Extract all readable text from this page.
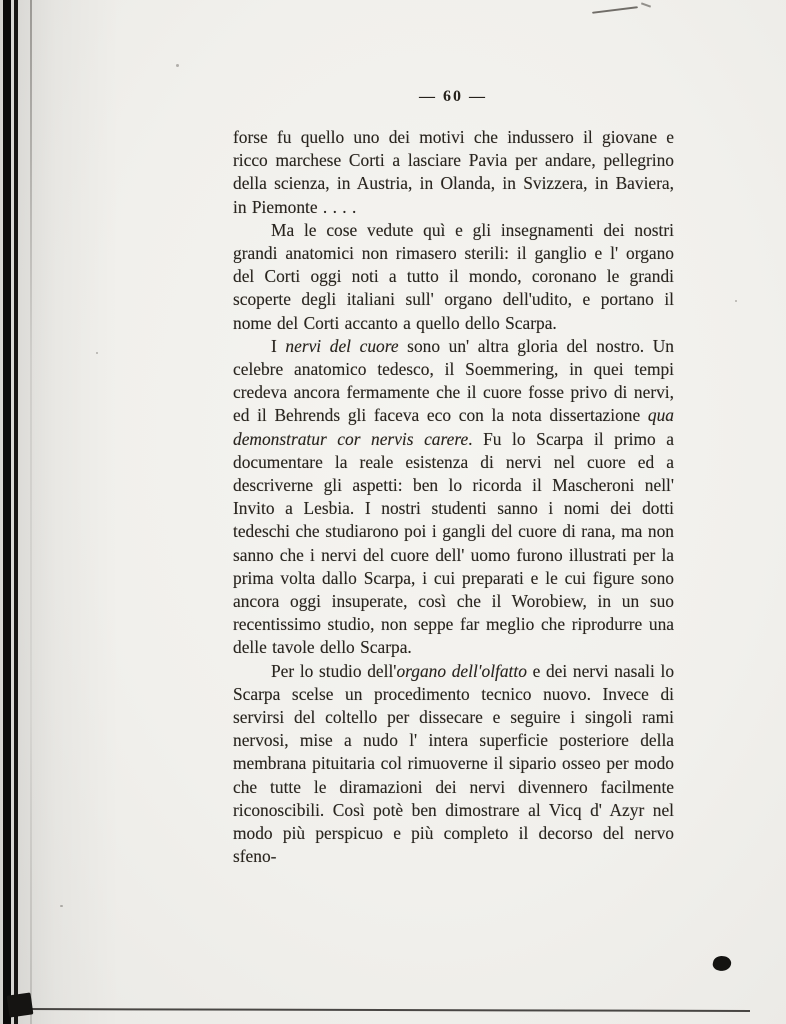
— 60 —

forse fu quello uno dei motivi che indussero il giovane e ricco marchese Corti a lasciare Pavia per andare, pellegrino della scienza, in Austria, in Olanda, in Svizzera, in Baviera, in Piemonte . . . .

Ma le cose vedute quì e gli insegnamenti dei nostri grandi anatomici non rimasero sterili: il ganglio e l' organo del Corti oggi noti a tutto il mondo, coronano le grandi scoperte degli italiani sull' organo dell'udito, e portano il nome del Corti accanto a quello dello Scarpa.

I nervi del cuore sono un' altra gloria del nostro. Un celebre anatomico tedesco, il Soemmering, in quei tempi credeva ancora fermamente che il cuore fosse privo di nervi, ed il Behrends gli faceva eco con la nota dissertazione qua demonstratur cor nervis carere. Fu lo Scarpa il primo a documentare la reale esistenza di nervi nel cuore ed a descriverne gli aspetti: ben lo ricorda il Mascheroni nell' Invito a Lesbia. I nostri studenti sanno i nomi dei dotti tedeschi che studiarono poi i gangli del cuore di rana, ma non sanno che i nervi del cuore dell' uomo furono illustrati per la prima volta dallo Scarpa, i cui preparati e le cui figure sono ancora oggi insuperate, così che il Worobiew, in un suo recentissimo studio, non seppe far meglio che riprodurre una delle tavole dello Scarpa.

Per lo studio dell'organo dell'olfatto e dei nervi nasali lo Scarpa scelse un procedimento tecnico nuovo. Invece di servirsi del coltello per dissecare e seguire i singoli rami nervosi, mise a nudo l' intera superficie posteriore della membrana pituitaria col rimuoverne il sipario osseo per modo che tutte le diramazioni dei nervi divennero facilmente riconoscibili. Così potè ben dimostrare al Vicq d' Azyr nel modo più perspicuo e più completo il decorso del nervo sfeno-
